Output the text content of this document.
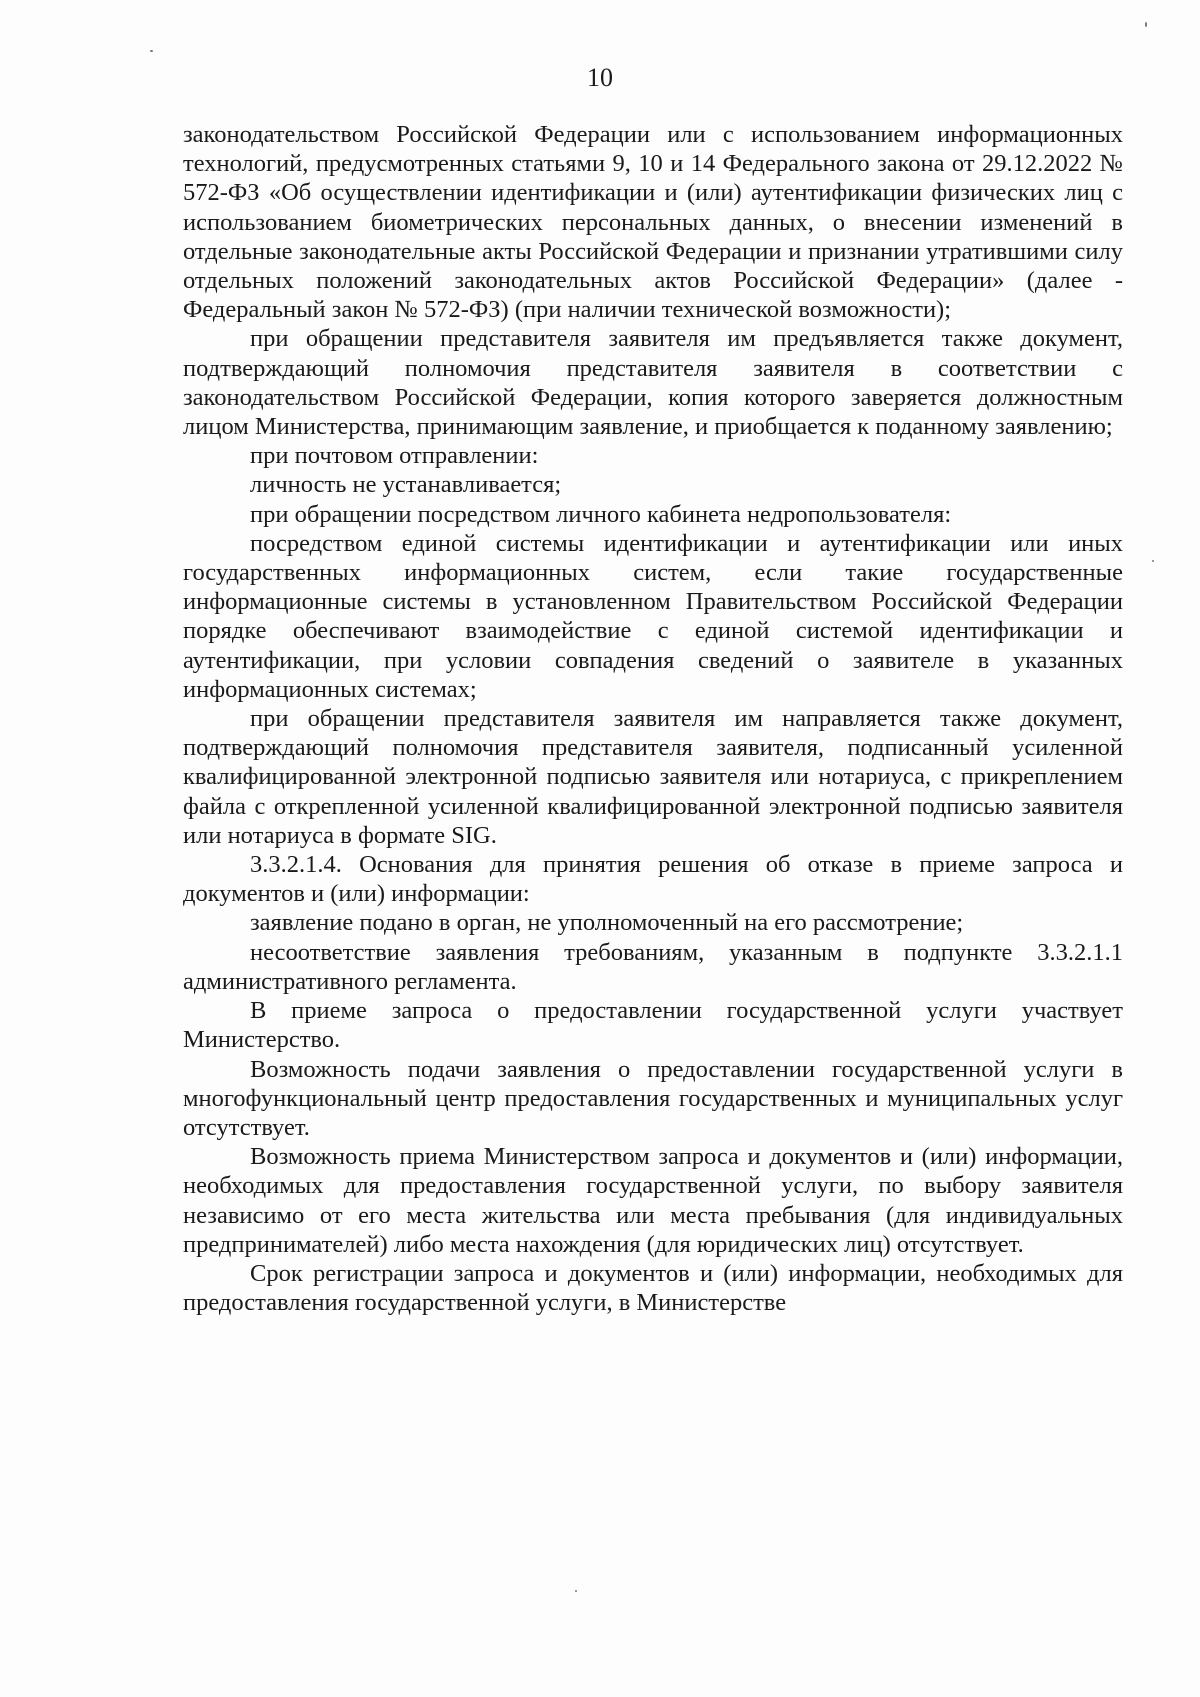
10

законодательством Российской Федерации или с использованием информационных технологий, предусмотренных статьями 9, 10 и 14 Федерального закона от 29.12.2022 № 572-ФЗ «Об осуществлении идентификации и (или) аутентификации физических лиц с использованием биометрических персональных данных, о внесении изменений в отдельные законодательные акты Российской Федерации и признании утратившими силу отдельных положений законодательных актов Российской Федерации» (далее - Федеральный закон № 572-ФЗ) (при наличии технической возможности);

при обращении представителя заявителя им предъявляется также документ, подтверждающий полномочия представителя заявителя в соответствии с законодательством Российской Федерации, копия которого заверяется должностным лицом Министерства, принимающим заявление, и приобщается к поданному заявлению;

при почтовом отправлении:

личность не устанавливается;

при обращении посредством личного кабинета недропользователя:

посредством единой системы идентификации и аутентификации или иных государственных информационных систем, если такие государственные информационные системы в установленном Правительством Российской Федерации порядке обеспечивают взаимодействие с единой системой идентификации и аутентификации, при условии совпадения сведений о заявителе в указанных информационных системах;

при обращении представителя заявителя им направляется также документ, подтверждающий полномочия представителя заявителя, подписанный усиленной квалифицированной электронной подписью заявителя или нотариуса, с прикреплением файла с открепленной усиленной квалифицированной электронной подписью заявителя или нотариуса в формате SIG.

3.3.2.1.4. Основания для принятия решения об отказе в приеме запроса и документов и (или) информации:

заявление подано в орган, не уполномоченный на его рассмотрение;

несоответствие заявления требованиям, указанным в подпункте 3.3.2.1.1 административного регламента.

В приеме запроса о предоставлении государственной услуги участвует Министерство.

Возможность подачи заявления о предоставлении государственной услуги в многофункциональный центр предоставления государственных и муниципальных услуг отсутствует.

Возможность приема Министерством запроса и документов и (или) информации, необходимых для предоставления государственной услуги, по выбору заявителя независимо от его места жительства или места пребывания (для индивидуальных предпринимателей) либо места нахождения (для юридических лиц) отсутствует.

Срок регистрации запроса и документов и (или) информации, необходимых для предоставления государственной услуги, в Министерстве
